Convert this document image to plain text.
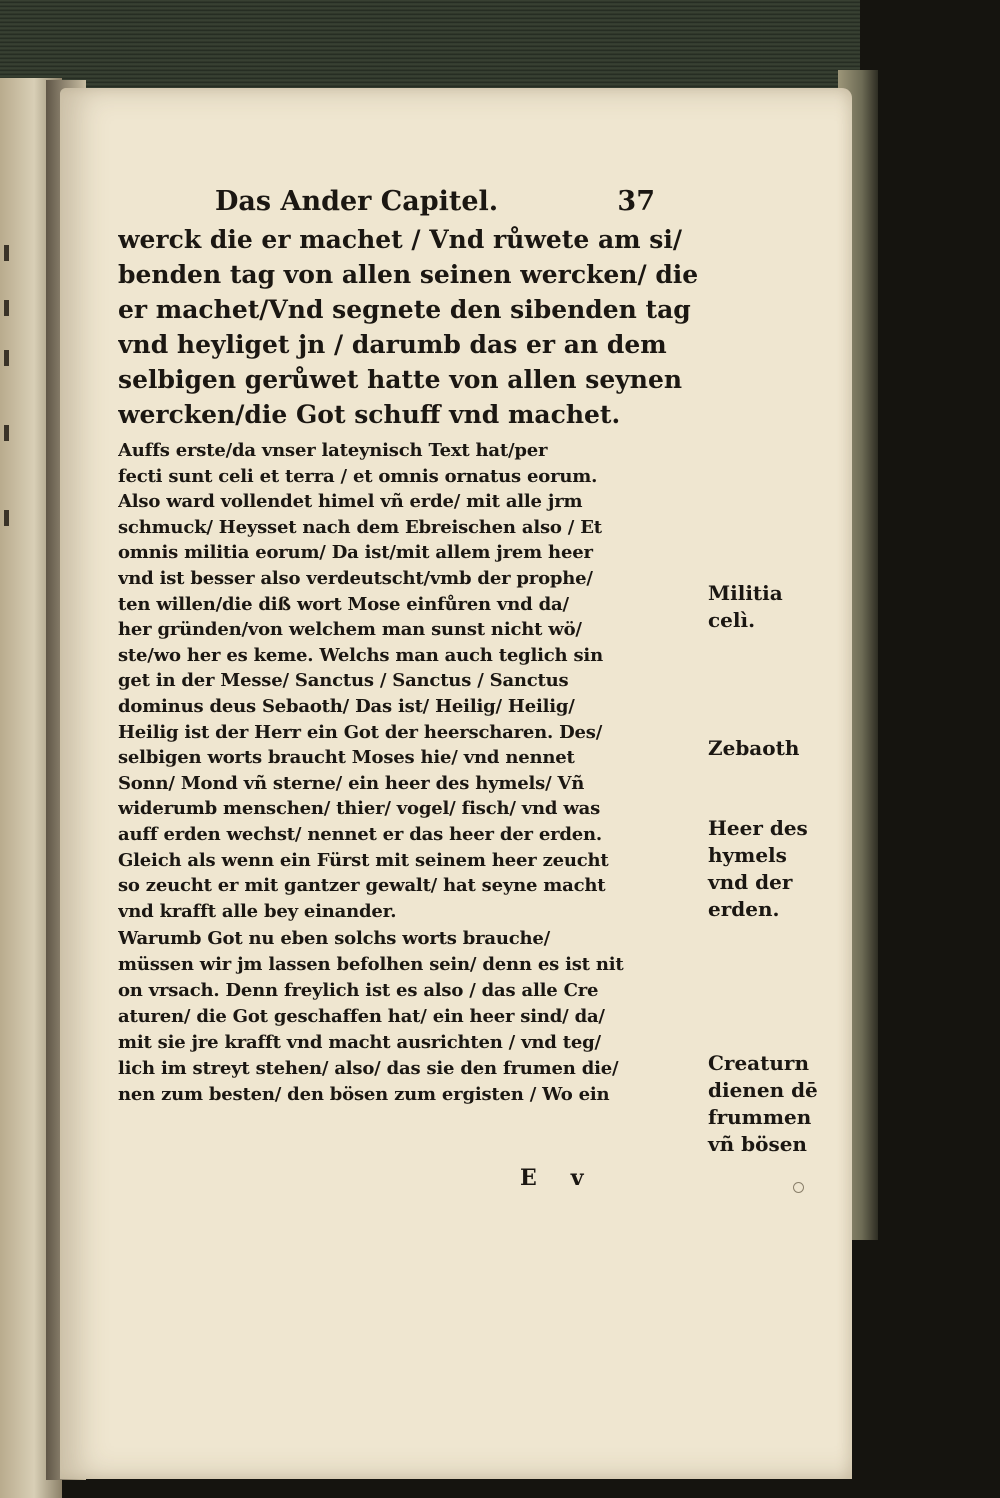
Das Ander Capitel.	37
werck die er machet / Vnd růwete am si/
benden tag von allen seinen wercken/ die
er machet/Vnd segnete den sibenden tag
vnd heyliget jn / darumb das er an dem
selbigen gerůwet hatte von allen seynen
wercken/die Got schuff vnd machet.
Auffs erste/da vnser lateynisch Text hat/per
fecti sunt celi et terra / et omnis ornatus eorum.
Also ward vollendet himel vñ erde/ mit alle jrm
schmuck/ Heysset nach dem Ebreischen also / Et
omnis militia eorum/ Da ist/mit allem jrem heer
vnd ist besser also verdeutscht/vmb der prophe/
ten willen/die diß wort Mose einfůren vnd da/
her gründen/von welchem man sunst nicht wö/
ste/wo her es keme. Welchs man auch teglich sin
get in der Messe/ Sanctus / Sanctus / Sanctus
dominus deus Sebaoth/ Das ist/ Heilig/ Heilig/
Heilig ist der Herr ein Got der heerscharen. Des/
selbigen worts braucht Moses hie/ vnd nennet
Sonn/ Mond vñ sterne/ ein heer des hymels/ Vñ
widerumb menschen/ thier/ vogel/ fisch/ vnd was
auff erden wechst/ nennet er das heer der erden.
Gleich als wenn ein Fürst mit seinem heer zeucht
so zeucht er mit gantzer gewalt/ hat seyne macht
vnd krafft alle bey einander.
Warumb Got nu eben solchs worts brauche/
müssen wir jm lassen befolhen sein/ denn es ist nit
on vrsach. Denn freylich ist es also / das alle Cre
aturen/ die Got geschaffen hat/ ein heer sind/ da/
mit sie jre krafft vnd macht ausrichten / vnd teg/
lich im streyt stehen/ also/ das sie den frumen die/
nen zum besten/ den bösen zum ergisten / Wo ein
Militia
celì.
Zebaoth
Heer des
hymels
vnd der
erden.
Creaturn
dienen dē
frummen
vñ bösen
E v
